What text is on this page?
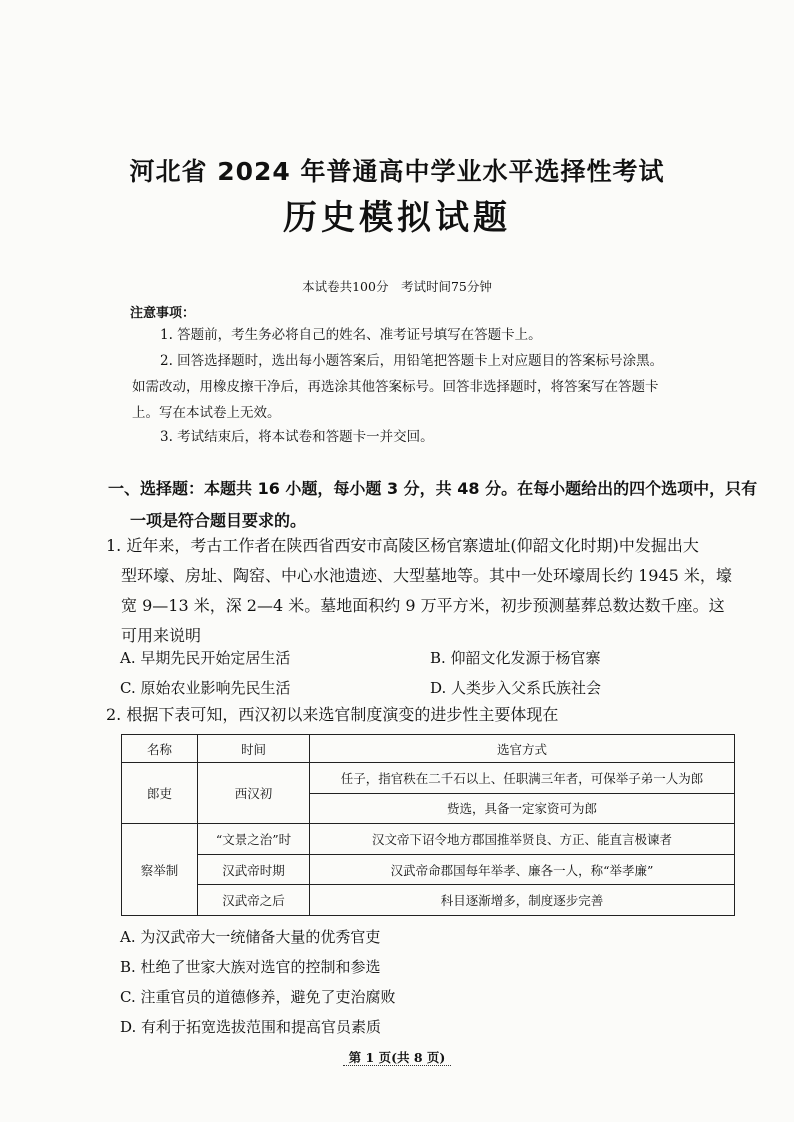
河北省 2024 年普通高中学业水平选择性考试
历史模拟试题
本试卷共100分　考试时间75分钟
注意事项：
1. 答题前，考生务必将自己的姓名、准考证号填写在答题卡上。
2. 回答选择题时，选出每小题答案后，用铅笔把答题卡上对应题目的答案标号涂黑。
如需改动，用橡皮擦干净后，再选涂其他答案标号。回答非选择题时，将答案写在答题卡
上。写在本试卷上无效。
3. 考试结束后，将本试卷和答题卡一并交回。
一、选择题：本题共 16 小题，每小题 3 分，共 48 分。在每小题给出的四个选项中，只有
一项是符合题目要求的。
1. 近年来，考古工作者在陕西省西安市高陵区杨官寨遗址(仰韶文化时期)中发掘出大
型环壕、房址、陶窑、中心水池遗迹、大型墓地等。其中一处环壕周长约 1945 米，壕
宽 9—13 米，深 2—4 米。墓地面积约 9 万平方米，初步预测墓葬总数达数千座。这
可用来说明
A. 早期先民开始定居生活	B. 仰韶文化发源于杨官寨
C. 原始农业影响先民生活	D. 人类步入父系氏族社会
2. 根据下表可知，西汉初以来选官制度演变的进步性主要体现在
名称	时间	选官方式
郎吏	西汉初	任子，指官秩在二千石以上、任职满三年者，可保举子弟一人为郎
		赀选，具备一定家资可为郎
察举制	“文景之治”时	汉文帝下诏令地方郡国推举贤良、方正、能直言极谏者
	汉武帝时期	汉武帝命郡国每年举孝、廉各一人，称“举孝廉”
	汉武帝之后	科目逐渐增多，制度逐步完善
A. 为汉武帝大一统储备大量的优秀官吏
B. 杜绝了世家大族对选官的控制和参选
C. 注重官员的道德修养，避免了吏治腐败
D. 有利于拓宽选拔范围和提高官员素质
第 1 页(共 8 页)
